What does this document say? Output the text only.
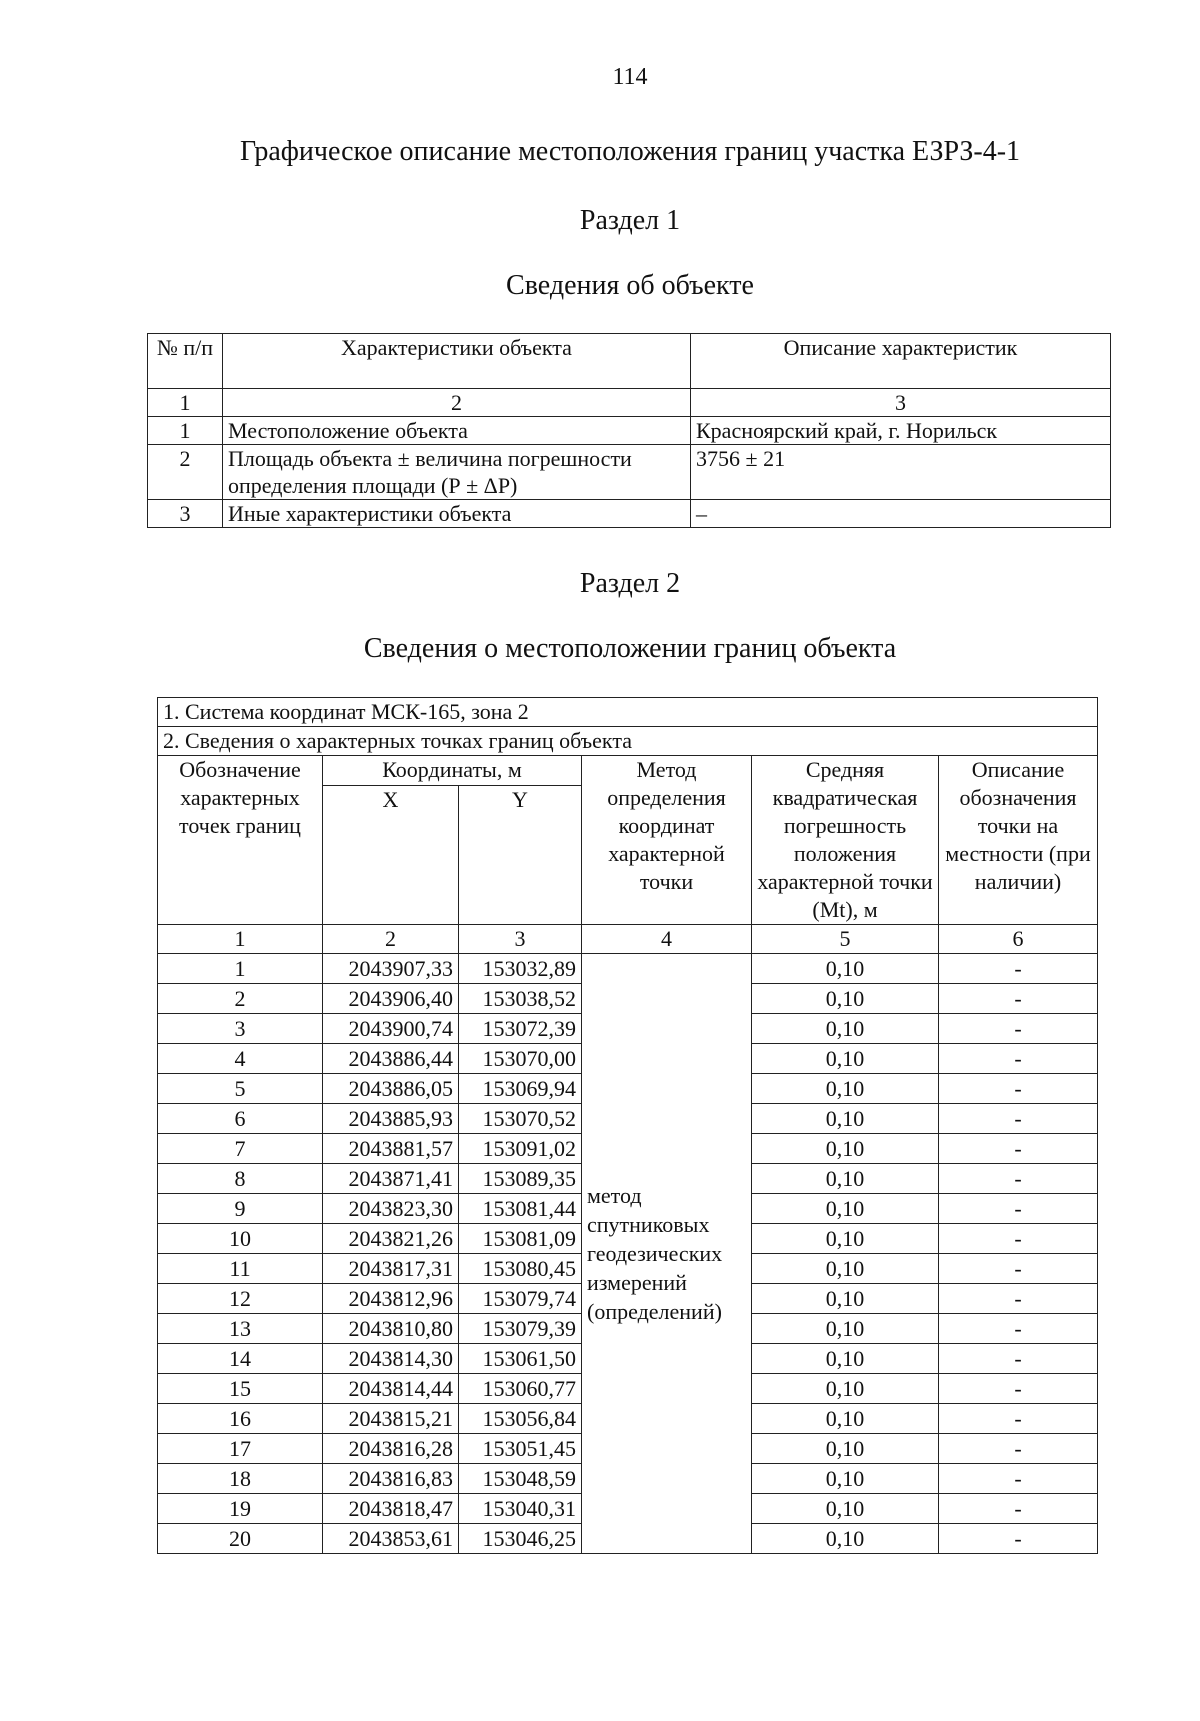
114
Графическое описание местоположения границ участка ЕЗРЗ-4-1
Раздел 1
Сведения об объекте
№ п/п	Характеристики объекта	Описание характеристик
1	2	3
1	Местоположение объекта	Красноярский край, г. Норильск
2	Площадь объекта ± величина погрешности определения площади (Р ± ΔР)	3756 ± 21
3	Иные характеристики объекта	–
Раздел 2
Сведения о местоположении границ объекта
1. Система координат МСК-165, зона 2					
2. Сведения о характерных точках границ объекта					
Обозначение характерных точек границ	Координаты, м		Метод определения координат характерной точки	Средняя квадратическая погрешность положения характерной точки (Mt), м	Описание обозначения точки на местности (при наличии)
	X	Y			
1	2	3	4	5	6
1	2043907,33	153032,89	метод спутниковых геодезических измерений (определений)	0,10	-
2	2043906,40	153038,52		0,10	-
3	2043900,74	153072,39		0,10	-
4	2043886,44	153070,00		0,10	-
5	2043886,05	153069,94		0,10	-
6	2043885,93	153070,52		0,10	-
7	2043881,57	153091,02		0,10	-
8	2043871,41	153089,35		0,10	-
9	2043823,30	153081,44		0,10	-
10	2043821,26	153081,09		0,10	-
11	2043817,31	153080,45		0,10	-
12	2043812,96	153079,74		0,10	-
13	2043810,80	153079,39		0,10	-
14	2043814,30	153061,50		0,10	-
15	2043814,44	153060,77		0,10	-
16	2043815,21	153056,84		0,10	-
17	2043816,28	153051,45		0,10	-
18	2043816,83	153048,59		0,10	-
19	2043818,47	153040,31		0,10	-
20	2043853,61	153046,25		0,10	-
